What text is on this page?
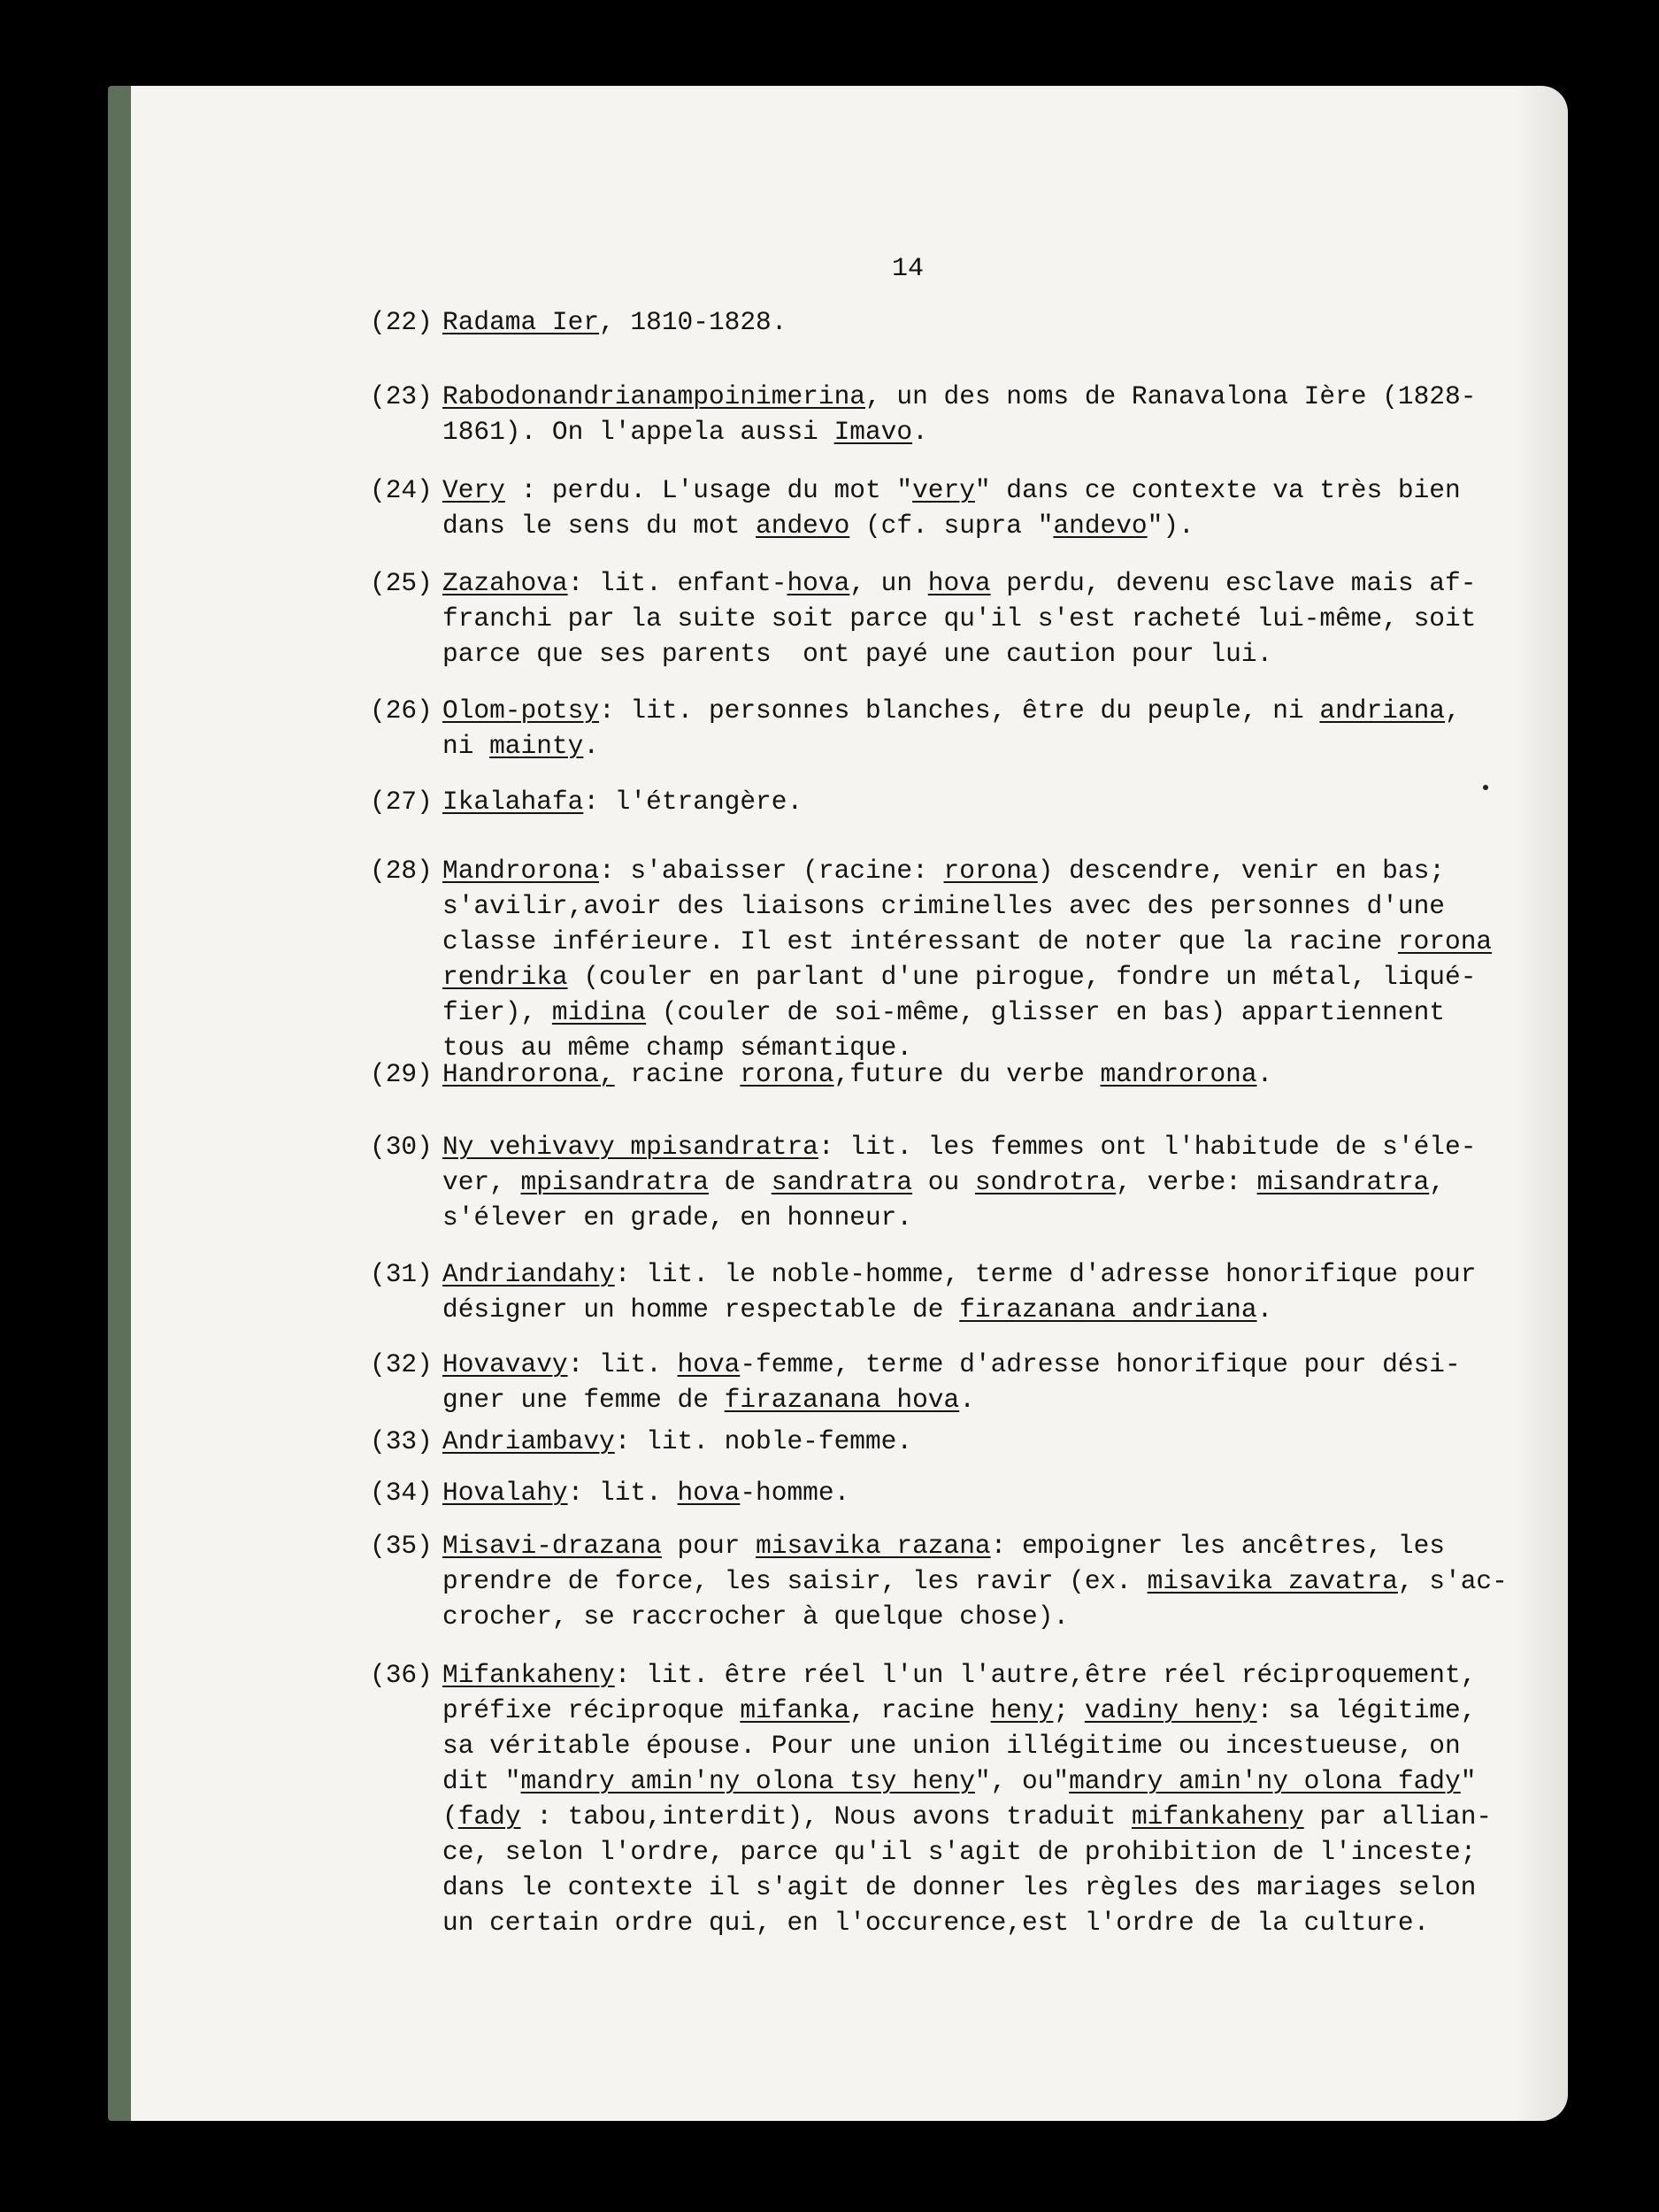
14
(22) Radama Ier, 1810-1828.
(23) Rabodonandrianampoinimerina, un des noms de Ranavalona Ière (1828-
1861). On l'appela aussi Imavo.
(24) Very : perdu. L'usage du mot "very" dans ce contexte va très bien
dans le sens du mot andevo (cf. supra "andevo").
(25) Zazahova: lit. enfant-hova, un hova perdu, devenu esclave mais af-
franchi par la suite soit parce qu'il s'est racheté lui-même, soit
parce que ses parents  ont payé une caution pour lui.
(26) Olom-potsy: lit. personnes blanches, être du peuple, ni andriana,
ni mainty.
(27) Ikalahafa: l'étrangère.
(28) Mandrorona: s'abaisser (racine: rorona) descendre, venir en bas;
s'avilir,avoir des liaisons criminelles avec des personnes d'une
classe inférieure. Il est intéressant de noter que la racine rorona
rendrika (couler en parlant d'une pirogue, fondre un métal, liqué-
fier), midina (couler de soi-même, glisser en bas) appartiennent
tous au même champ sémantique.
(29) Handrorona, racine rorona,future du verbe mandrorona.
(30) Ny vehivavy mpisandratra: lit. les femmes ont l'habitude de s'éle-
ver, mpisandratra de sandratra ou sondrotra, verbe: misandratra,
s'élever en grade, en honneur.
(31) Andriandahy: lit. le noble-homme, terme d'adresse honorifique pour
désigner un homme respectable de firazanana andriana.
(32) Hovavavy: lit. hova-femme, terme d'adresse honorifique pour dési-
gner une femme de firazanana hova.
(33) Andriambavy: lit. noble-femme.
(34) Hovalahy: lit. hova-homme.
(35) Misavi-drazana pour misavika razana: empoigner les ancêtres, les
prendre de force, les saisir, les ravir (ex. misavika zavatra, s'ac-
crocher, se raccrocher à quelque chose).
(36) Mifankaheny: lit. être réel l'un l'autre,être réel réciproquement,
préfixe réciproque mifanka, racine heny; vadiny heny: sa légitime,
sa véritable épouse. Pour une union illégitime ou incestueuse, on
dit "mandry amin'ny olona tsy heny", ou"mandry amin'ny olona fady"
(fady : tabou,interdit), Nous avons traduit mifankaheny par allian-
ce, selon l'ordre, parce qu'il s'agit de prohibition de l'inceste;
dans le contexte il s'agit de donner les règles des mariages selon
un certain ordre qui, en l'occurence,est l'ordre de la culture.
